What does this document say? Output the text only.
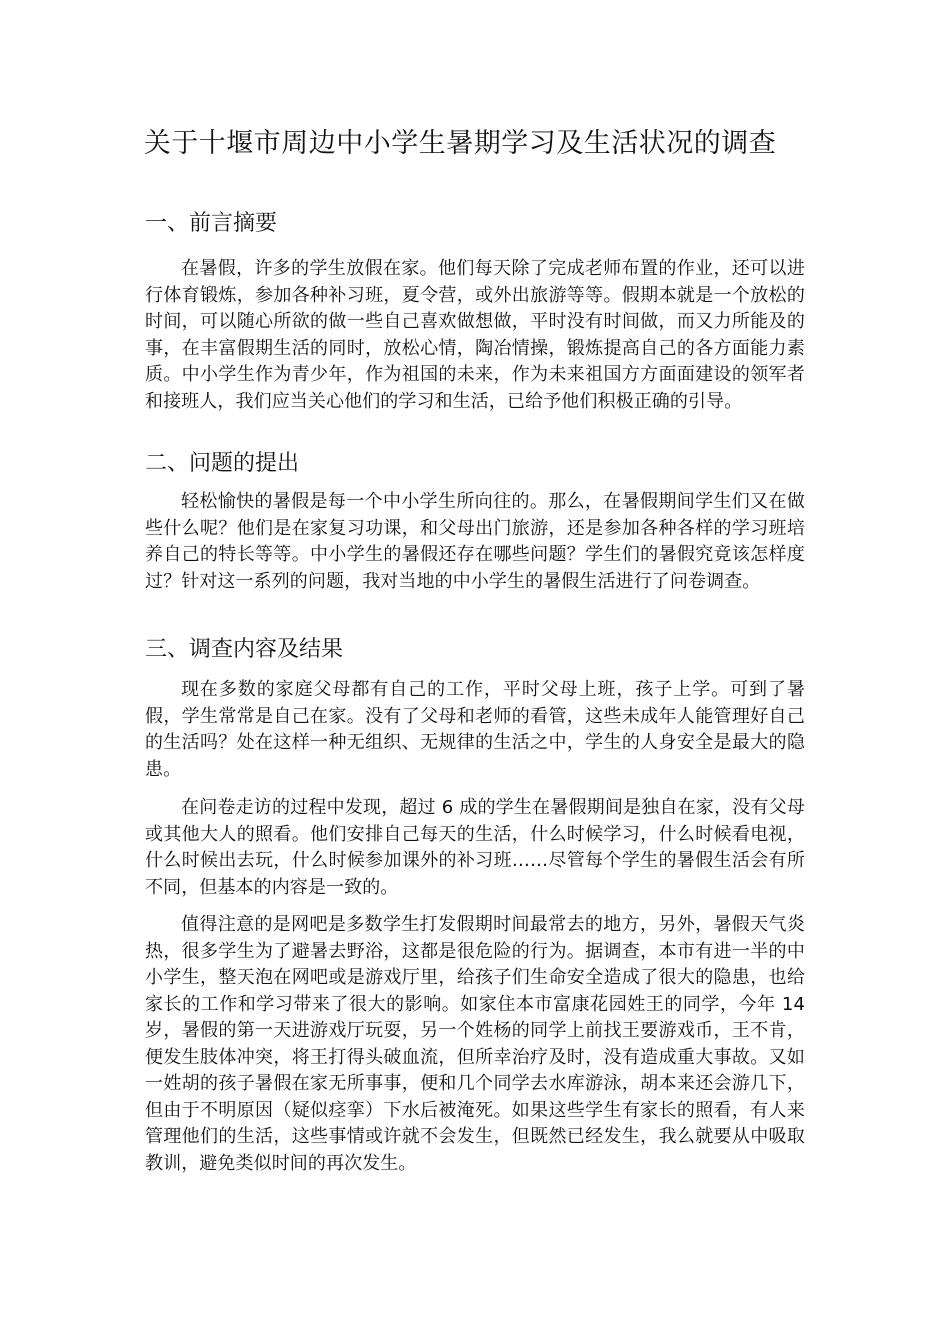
关于十堰市周边中小学生暑期学习及生活状况的调查
一、前言摘要

在暑假，许多的学生放假在家。他们每天除了完成老师布置的作业，还可以进行体育锻炼，参加各种补习班，夏令营，或外出旅游等等。假期本就是一个放松的时间，可以随心所欲的做一些自己喜欢做想做，平时没有时间做，而又力所能及的事，在丰富假期生活的同时，放松心情，陶冶情操，锻炼提高自己的各方面能力素质。中小学生作为青少年，作为祖国的未来，作为未来祖国方方面面建设的领军者和接班人，我们应当关心他们的学习和生活，已给予他们积极正确的引导。

二、问题的提出

轻松愉快的暑假是每一个中小学生所向往的。那么，在暑假期间学生们又在做些什么呢？他们是在家复习功课，和父母出门旅游，还是参加各种各样的学习班培养自己的特长等等。中小学生的暑假还存在哪些问题？学生们的暑假究竟该怎样度过？针对这一系列的问题，我对当地的中小学生的暑假生活进行了问卷调查。

三、调查内容及结果

现在多数的家庭父母都有自己的工作，平时父母上班，孩子上学。可到了暑假，学生常常是自己在家。没有了父母和老师的看管，这些未成年人能管理好自己的生活吗？处在这样一种无组织、无规律的生活之中，学生的人身安全是最大的隐患。

在问卷走访的过程中发现，超过 6 成的学生在暑假期间是独自在家，没有父母或其他大人的照看。他们安排自己每天的生活，什么时候学习，什么时候看电视，什么时候出去玩，什么时候参加课外的补习班……尽管每个学生的暑假生活会有所不同，但基本的内容是一致的。

值得注意的是网吧是多数学生打发假期时间最常去的地方，另外，暑假天气炎热，很多学生为了避暑去野浴，这都是很危险的行为。据调查，本市有进一半的中小学生，整天泡在网吧或是游戏厅里，给孩子们生命安全造成了很大的隐患，也给家长的工作和学习带来了很大的影响。如家住本市富康花园姓王的同学，今年 14 岁，暑假的第一天进游戏厅玩耍，另一个姓杨的同学上前找王要游戏币，王不肯，便发生肢体冲突，将王打得头破血流，但所幸治疗及时，没有造成重大事故。又如一姓胡的孩子暑假在家无所事事，便和几个同学去水库游泳，胡本来还会游几下，但由于不明原因（疑似痉挛）下水后被淹死。如果这些学生有家长的照看，有人来管理他们的生活，这些事情或许就不会发生，但既然已经发生，我么就要从中吸取教训，避免类似时间的再次发生。
